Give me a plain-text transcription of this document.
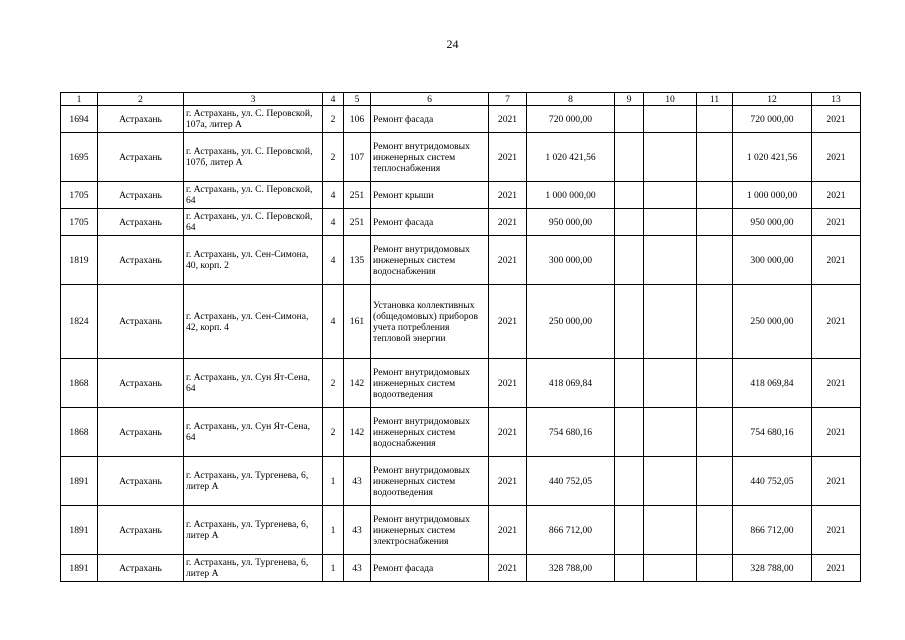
24
1	2	3	4	5	6	7	8	9	10	11	12	13
1694	Астрахань	г. Астрахань, ул. С. Перовской, 107а, литер А	2	106	Ремонт фасада	2021	720 000,00				720 000,00	2021
1695	Астрахань	г. Астрахань, ул. С. Перовской, 107б, литер А	2	107	Ремонт внутридомовых инженерных систем теплоснабжения	2021	1 020 421,56				1 020 421,56	2021
1705	Астрахань	г. Астрахань, ул. С. Перовской, 64	4	251	Ремонт крыши	2021	1 000 000,00				1 000 000,00	2021
1705	Астрахань	г. Астрахань, ул. С. Перовской, 64	4	251	Ремонт фасада	2021	950 000,00				950 000,00	2021
1819	Астрахань	г. Астрахань, ул. Сен-Симона, 40, корп. 2	4	135	Ремонт внутридомовых инженерных систем водоснабжения	2021	300 000,00				300 000,00	2021
1824	Астрахань	г. Астрахань, ул. Сен-Симона, 42, корп. 4	4	161	Установка коллективных (общедомовых) приборов учета потребления тепловой энергии	2021	250 000,00				250 000,00	2021
1868	Астрахань	г. Астрахань, ул. Сун Ят-Сена, 64	2	142	Ремонт внутридомовых инженерных систем водоотведения	2021	418 069,84				418 069,84	2021
1868	Астрахань	г. Астрахань, ул. Сун Ят-Сена, 64	2	142	Ремонт внутридомовых инженерных систем водоснабжения	2021	754 680,16				754 680,16	2021
1891	Астрахань	г. Астрахань, ул. Тургенева, 6, литер А	1	43	Ремонт внутридомовых инженерных систем водоотведения	2021	440 752,05				440 752,05	2021
1891	Астрахань	г. Астрахань, ул. Тургенева, 6, литер А	1	43	Ремонт внутридомовых инженерных систем электроснабжения	2021	866 712,00				866 712,00	2021
1891	Астрахань	г. Астрахань, ул. Тургенева, 6, литер А	1	43	Ремонт фасада	2021	328 788,00				328 788,00	2021
